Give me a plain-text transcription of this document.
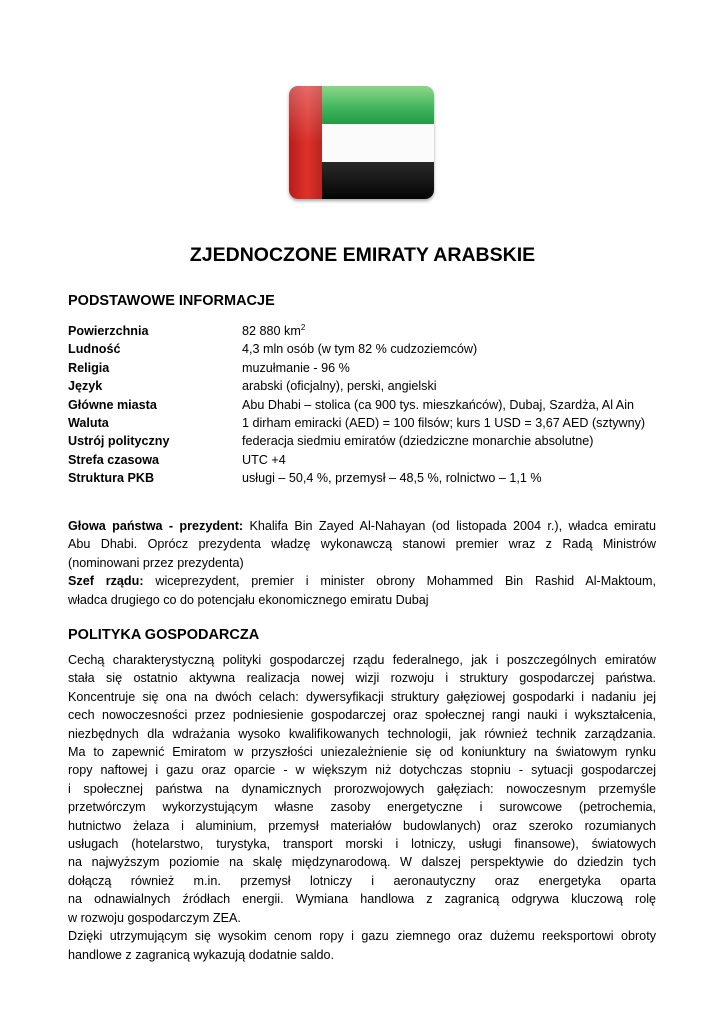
ZJEDNOCZONE EMIRATY ARABSKIE
PODSTAWOWE INFORMACJE
Powierzchnia	82 880 $km^2$
Ludność	4,3 mln osób (w tym 82 % cudzoziemców)
Religia	muzułmanie - 96 %
Język	arabski (oficjalny), perski, angielski
Główne miasta	Abu Dhabi – stolica (ca 900 tys. mieszkańców), Dubaj, Szardża, Al Ain
Waluta	1 dirham emiracki (AED) = 100 filsów; kurs 1 USD = 3,67 AED (sztywny)
Ustrój polityczny	federacja siedmiu emiratów (dziedziczne monarchie absolutne)
Strefa czasowa	UTC +4
Struktura PKB	usługi – 50,4 %, przemysł – 48,5 %, rolnictwo – 1,1 %
Głowa państwa - prezydent: Khalifa Bin Zayed Al-Nahayan (od listopada 2004 r.), władca emiratu
Abu Dhabi. Oprócz prezydenta władzę wykonawczą stanowi premier wraz z Radą Ministrów
(nominowani przez prezydenta)
Szef rządu: wiceprezydent, premier i minister obrony Mohammed Bin Rashid Al-Maktoum,
władca drugiego co do potencjału ekonomicznego emiratu Dubaj
POLITYKA GOSPODARCZA
Cechą charakterystyczną polityki gospodarczej rządu federalnego, jak i poszczególnych emiratów
stała się ostatnio aktywna realizacja nowej wizji rozwoju i struktury gospodarczej państwa.
Koncentruje się ona na dwóch celach: dywersyfikacji struktury gałęziowej gospodarki i nadaniu jej
cech nowoczesności przez podniesienie gospodarczej oraz społecznej rangi nauki i wykształcenia,
niezbędnych dla wdrażania wysoko kwalifikowanych technologii, jak również technik zarządzania.
Ma to zapewnić Emiratom w przyszłości uniezależnienie się od koniunktury na światowym rynku
ropy naftowej i gazu oraz oparcie - w większym niż dotychczas stopniu - sytuacji gospodarczej
i społecznej państwa na dynamicznych prorozwojowych gałęziach: nowoczesnym przemyśle
przetwórczym wykorzystującym własne zasoby energetyczne i surowcowe (petrochemia,
hutnictwo żelaza i aluminium, przemysł materiałów budowlanych) oraz szeroko rozumianych
usługach (hotelarstwo, turystyka, transport morski i lotniczy, usługi finansowe), światowych
na najwyższym poziomie na skalę międzynarodową. W dalszej perspektywie do dziedzin tych
dołączą również m.in. przemysł lotniczy i aeronautyczny oraz energetyka oparta
na odnawialnych źródłach energii. Wymiana handlowa z zagranicą odgrywa kluczową rolę
w rozwoju gospodarczym ZEA.
Dzięki utrzymującym się wysokim cenom ropy i gazu ziemnego oraz dużemu reeksportowi obroty
handlowe z zagranicą wykazują dodatnie saldo.
